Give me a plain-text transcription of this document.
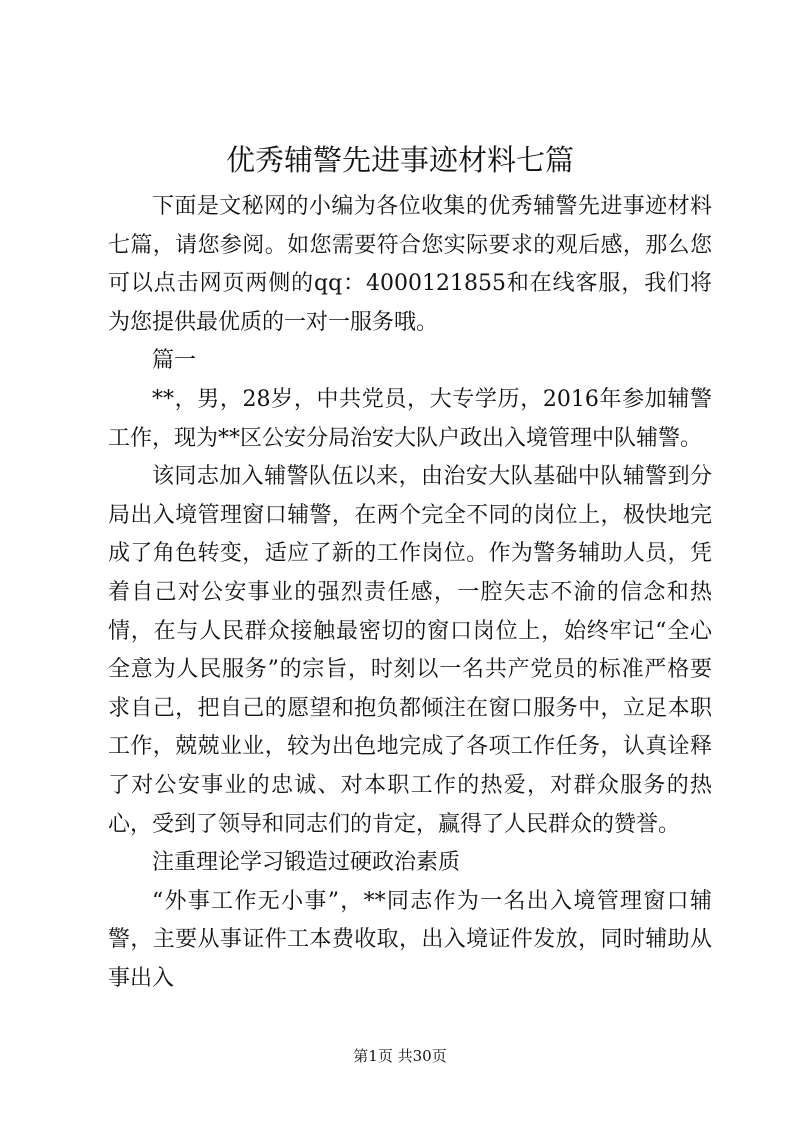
优秀辅警先进事迹材料七篇

下面是文秘网的小编为各位收集的优秀辅警先进事迹材料七篇，请您参阅。如您需要符合您实际要求的观后感，那么您可以点击网页两侧的qq：4000121855和在线客服，我们将为您提供最优质的一对一服务哦。

篇一

**，男，28岁，中共党员，大专学历，2016年参加辅警工作，现为**区公安分局治安大队户政出入境管理中队辅警。

该同志加入辅警队伍以来，由治安大队基础中队辅警到分局出入境管理窗口辅警，在两个完全不同的岗位上，极快地完成了角色转变，适应了新的工作岗位。作为警务辅助人员，凭着自己对公安事业的强烈责任感，一腔矢志不渝的信念和热情，在与人民群众接触最密切的窗口岗位上，始终牢记“全心全意为人民服务”的宗旨，时刻以一名共产党员的标准严格要求自己，把自己的愿望和抱负都倾注在窗口服务中，立足本职工作，兢兢业业，较为出色地完成了各项工作任务，认真诠释了对公安事业的忠诚、对本职工作的热爱，对群众服务的热心，受到了领导和同志们的肯定，赢得了人民群众的赞誉。

注重理论学习锻造过硬政治素质

“外事工作无小事”，**同志作为一名出入境管理窗口辅警，主要从事证件工本费收取，出入境证件发放，同时辅助从事出入

第1页 共30页
